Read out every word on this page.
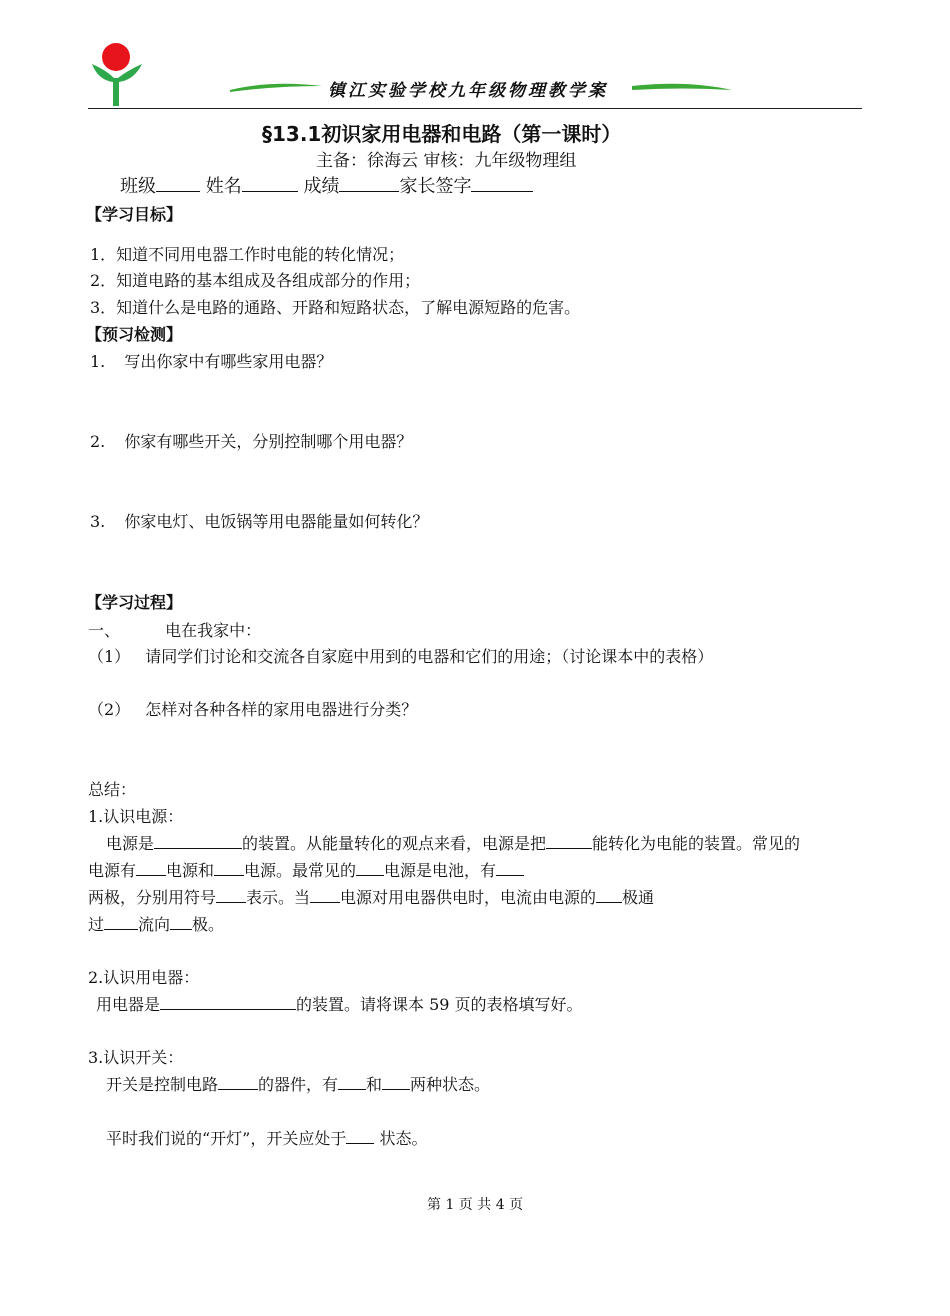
镇江实验学校九年级物理教学案
§13.1初识家用电器和电路（第一课时）
主备：徐海云 审核：九年级物理组
班级	姓名	成绩	家长签字
【学习目标】
1．知道不同用电器工作时电能的转化情况；
2．知道电路的基本组成及各组成部分的作用；
3．知道什么是电路的通路、开路和短路状态，了解电源短路的危害。
【预习检测】
1. 写出你家中有哪些家用电器？
2. 你家有哪些开关，分别控制哪个用电器？
3. 你家电灯、电饭锅等用电器能量如何转化？
【学习过程】
一、	电在我家中：
（1） 请同学们讨论和交流各自家庭中用到的电器和它们的用途；（讨论课本中的表格）
（2） 怎样对各种各样的家用电器进行分类？
总结：
1.认识电源：
电源是	的装置。从能量转化的观点来看，电源是把	能转化为电能的装置。常见的
电源有 电源和 电源。最常见的 电源是电池，有
两极，分别用符号 表示。当 电源对用电器供电时，电流由电源的 极通
过 流向 极。
2.认识用电器：
用电器是	的装置。请将课本 59 页的表格填写好。
3.认识开关：
开关是控制电路	的器件，有 和 两种状态。
平时我们说的“开灯”，开关应处于 状态。
第 1 页 共 4 页
